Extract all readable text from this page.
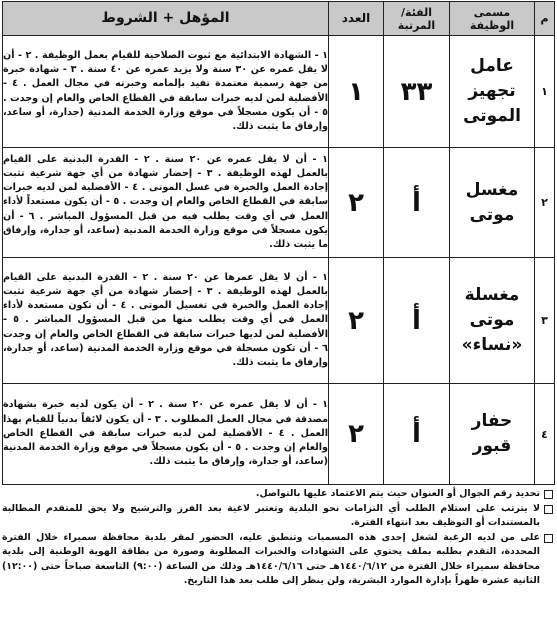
م	مسمى الوظيفة	الفئة/ المرتبة	العدد	المؤهل + الشروط
١	عامل تجهيز الموتى	٣٣	١	١ - الشهادة الابتدائية مع ثبوت الصلاحية للقيام بعمل الوظيفة . ٢ - أن لا يقل عمره عن ٣٠ سنة ولا يزيد عمره عن ٤٠ سنة . ٣ - شهادة خبرة من جهة رسمية معتمدة تفيد بإلمامه وخبرته في مجال العمل . ٤ - الأفضلية لمن لديه خبرات سابقة في القطاع الخاص والعام إن وجدت . ٥ - أن يكون مسجلاً في موقع وزارة الخدمة المدنية (جدارة، أو ساعد، وإرفاق ما يثبت ذلك.
٢	مغسل موتى	أ	٢	١ - أن لا يقل عمره عن ٢٠ سنة . ٢ - القدرة البدنية على القيام بالعمل لهذه الوظيفة . ٣ - إحضار شهادة من أي جهة شرعية تثبت إجادة العمل والخبرة في غسل الموتى . ٤ - الأفضلية لمن لديه خبرات سابقة في القطاع الخاص والعام إن وجدت . ٥ - أن يكون مستعداً لأداء العمل في أي وقت يطلب فيه من قبل المسؤول المباشر . ٦ - أن يكون مسجلاً في موقع وزارة الخدمة المدنية (ساعد، أو جدارة، وإرفاق ما يثبت ذلك.
٣	مغسلة موتى «نساء»	أ	٢	١ - أن لا يقل عمرها عن ٢٠ سنة . ٢ - القدرة البدنية على القيام بالعمل لهذه الوظيفة . ٣ - إحضار شهادة من أي جهة شرعية تثبت إجادة العمل والخبرة في تغسيل الموتى . ٤ - أن تكون مستعدة لأداء العمل في أي وقت يطلب منها من قبل المسؤول المباشر . ٥ - الأفضلية لمن لديها خبرات سابقة في القطاع الخاص والعام إن وجدت ٦ - أن تكون مسجلة في موقع وزارة الخدمة المدنية (ساعد، أو جدارة، وإرفاق ما يثبت ذلك.
٤	حفار قبور	أ	٢	١ - أن لا يقل عمره عن ٢٠ سنة . ٢ - أن يكون لديه خبرة بشهادة مصدقة في مجال العمل المطلوب . ٣ - أن يكون لائقاً بدنياً للقيام بهذا العمل . ٤ - الأفضلية لمن لديه خبرات سابقة في القطاع الخاص والعام إن وجدت . ٥ - أن يكون مسجلاً في موقع وزارة الخدمة المدنية (ساعد، أو جدارة، وإرفاق ما يثبت ذلك.
تحديد رقم الجوال أو العنوان حيث يتم الاعتماد عليها بالتواصل.
لا يترتب على استلام الطلب أي التزامات نحو البلدية وتعتبر لاغية بعد الفرز والترشيح ولا يحق للمتقدم المطالبة بالمستندات أو التوظيف بعد انتهاء الفترة.
على من لديه الرغبة لشغل إحدى هذه المسميات وتنطبق عليه، الحضور لمقر بلدية محافظة سميراء خلال الفترة المحددة، التقدم بطلبه بملف يحتوي على الشهادات والخبرات المطلوبة وصورة من بطاقة الهوية الوطنية إلى بلدية محافظة سميراء خلال الفترة من ١٤٤٠/٦/١٢هـ حتى ١٤٤٠/٦/١٦هـ وذلك من الساعة (٩:٠٠) التاسعة صباحاً حتى (١٢:٠٠) الثانية عشرة ظهراً بإدارة الموارد البشرية، ولن ينظر إلى طلب بعد هذا التاريخ.
